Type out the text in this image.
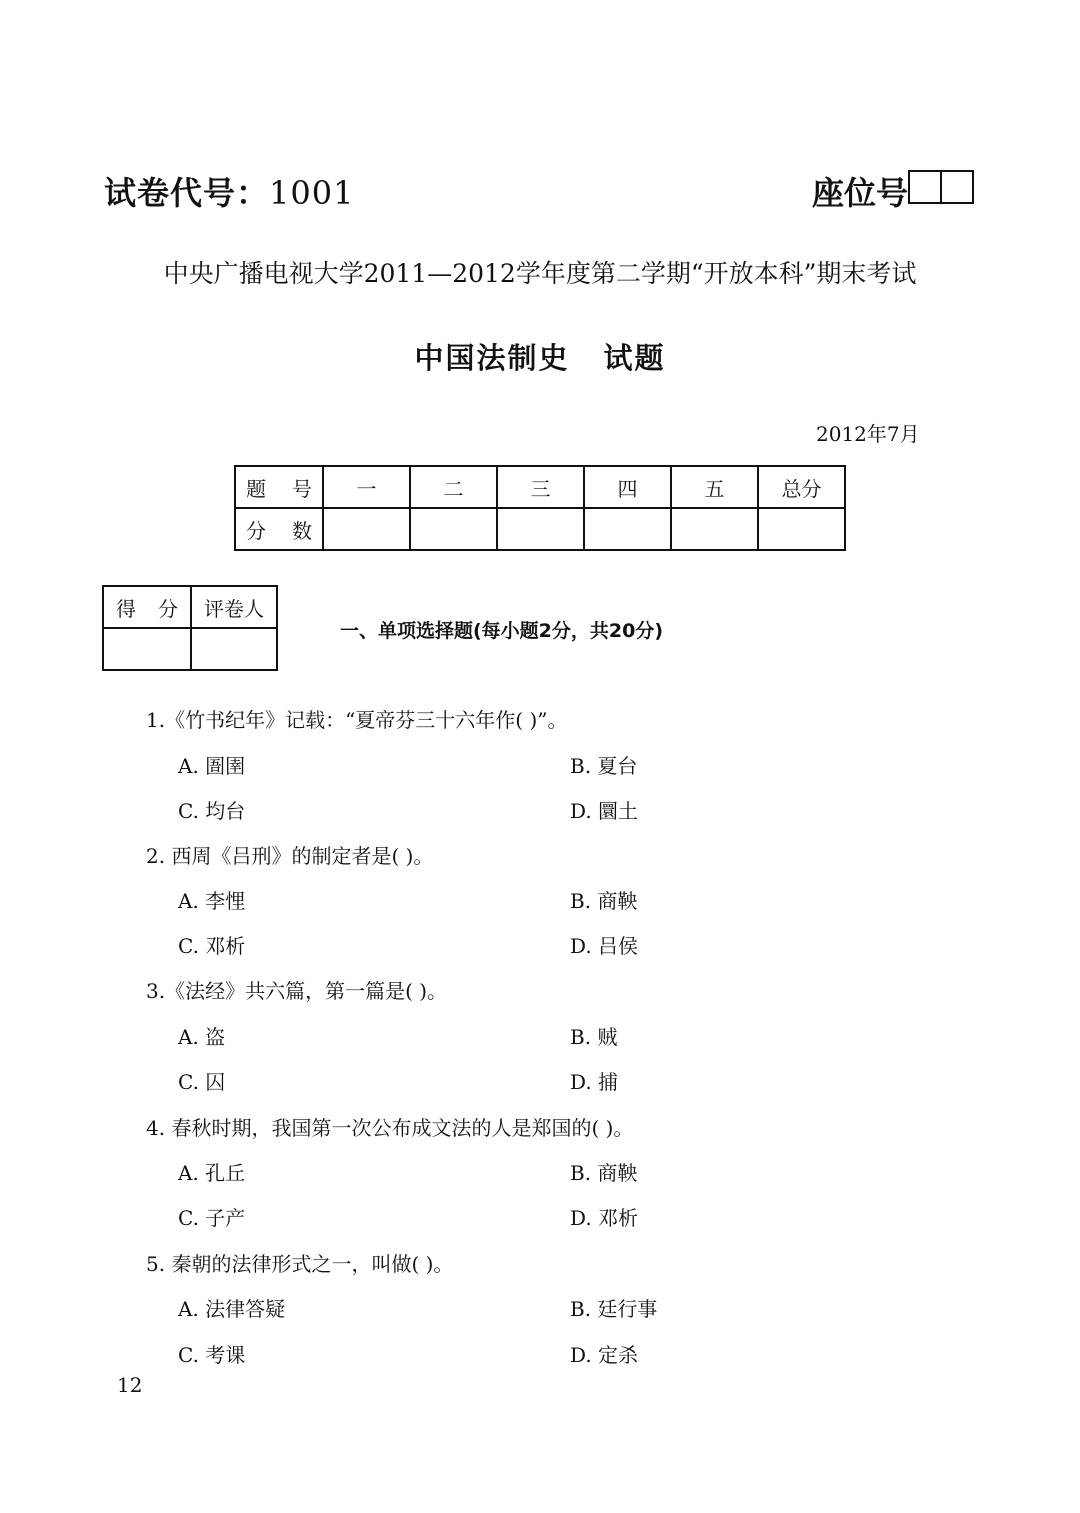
试卷代号：1001	座位号
中央广播电视大学2011—2012学年度第二学期“开放本科”期末考试
中国法制史 试题
2012年7月
题号	一	二	三	四	五	总分
分数						
得分	评卷人

一、单项选择题(每小题2分，共20分)
1.《竹书纪年》记载：“夏帝芬三十六年作( )”。
A. 圄圉	B. 夏台
C. 均台	D. 圜土
2. 西周《吕刑》的制定者是( )。
A. 李悝	B. 商鞅
C. 邓析	D. 吕侯
3.《法经》共六篇，第一篇是( )。
A. 盗	B. 贼
C. 囚	D. 捕
4. 春秋时期，我国第一次公布成文法的人是郑国的( )。
A. 孔丘	B. 商鞅
C. 子产	D. 邓析
5. 秦朝的法律形式之一，叫做( )。
A. 法律答疑	B. 廷行事
C. 考课	D. 定杀
12
